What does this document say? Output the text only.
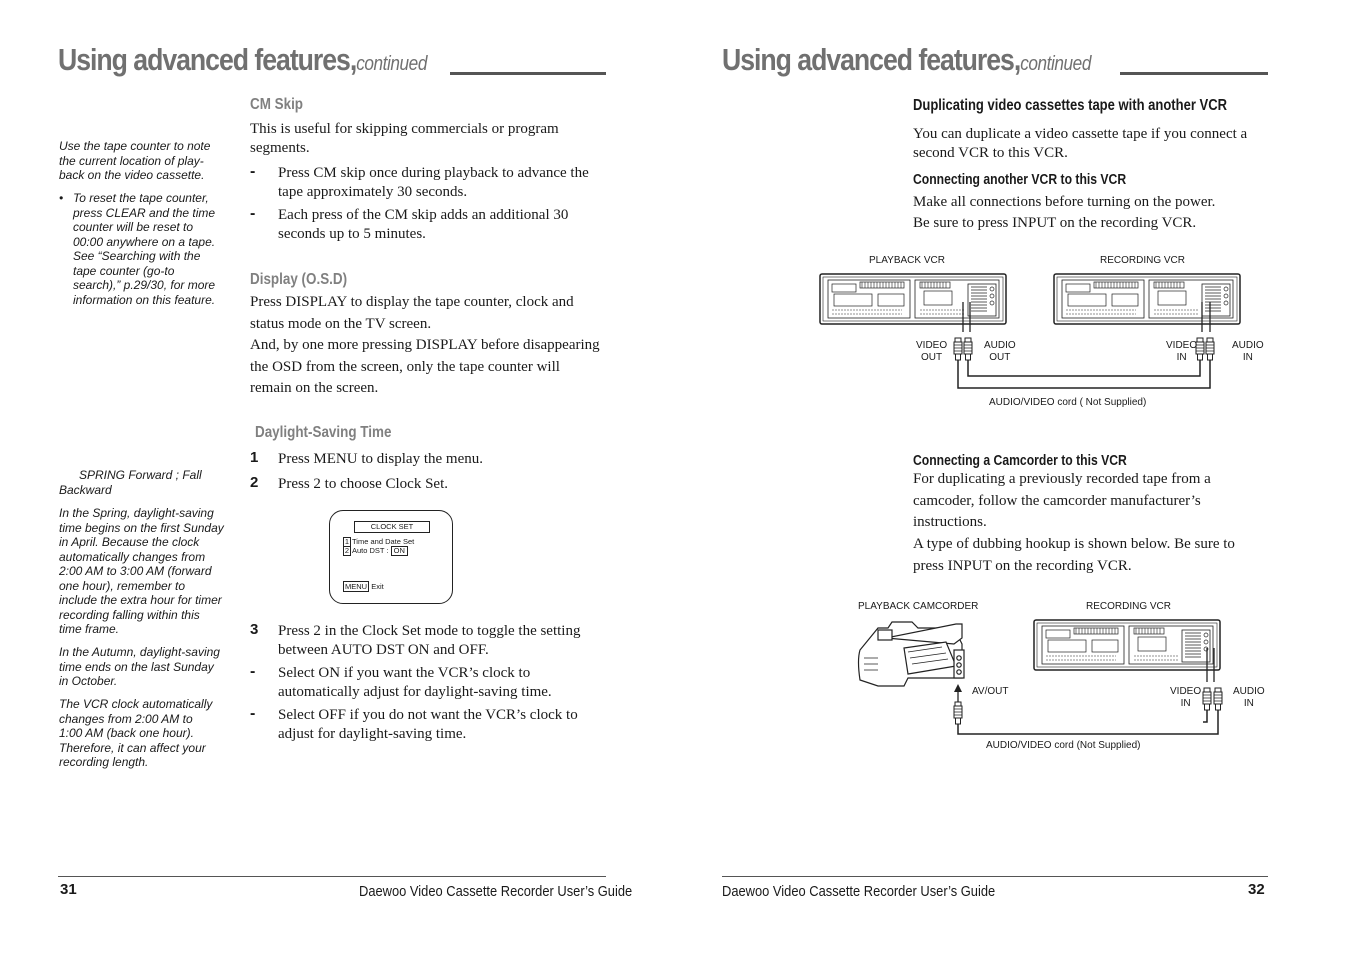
Using advanced features,continued
Use the tape counter to note the current location of play-back on the video cassette.
• To reset the tape counter, press CLEAR and the time counter will be reset to 00:00 anywhere on a tape. See “Searching with the tape counter (go-to search),” p.29/30, for more information on this feature.
SPRING Forward ; Fall Backward
In the Spring, daylight-saving time begins on the first Sunday in April. Because the clock automatically changes from 2:00 AM to 3:00 AM (forward one hour), remember to include the extra hour for timer recording falling within this time frame.
In the Autumn, daylight-saving time ends on the last Sunday in October.
The VCR clock automatically changes from 2:00 AM to 1:00 AM (back one hour). Therefore, it can affect your recording length.
CM Skip
This is useful for skipping commercials or program segments.
- Press CM skip once during playback to advance the tape approximately 30 seconds.
- Each press of the CM skip adds an additional 30 seconds up to 5 minutes.
Display (O.S.D)
Press DISPLAY to display the tape counter, clock and status mode on the TV screen.
And, by one more pressing DISPLAY before disappearing the OSD from the screen, only the tape counter will remain on the screen.
Daylight-Saving Time
1 Press MENU to display the menu.
2 Press 2 to choose Clock Set.
CLOCK SET
1 Time and Date Set
2 Auto DST : ON
MENU Exit
3 Press 2 in the Clock Set mode to toggle the setting between AUTO DST ON and OFF.
- Select ON if you want the VCR’s clock to automatically adjust for daylight-saving time.
- Select OFF if you do not want the VCR’s clock to adjust for daylight-saving time.
31	Daewoo Video Cassette Recorder User’s Guide
Using advanced features,continued
Duplicating video cassettes tape with another VCR
You can duplicate a video cassette tape if you connect a second VCR to this VCR.
Connecting another VCR to this VCR
Make all connections before turning on the power.
Be sure to press INPUT on the recording VCR.
PLAYBACK VCR	RECORDING VCR
VIDEO
OUT
AUDIO
OUT
VIDEO
IN
AUDIO
IN
AUDIO/VIDEO cord ( Not Supplied)
Connecting a Camcorder to this VCR
For duplicating a previously recorded tape from a camcoder, follow the camcorder manufacturer’s instructions.
A type of dubbing hookup is shown below. Be sure to press INPUT on the recording VCR.
PLAYBACK CAMCORDER	RECORDING VCR
AV/OUT	VIDEO
IN
AUDIO
IN
AUDIO/VIDEO cord (Not Supplied)
Daewoo Video Cassette Recorder User’s Guide	32
